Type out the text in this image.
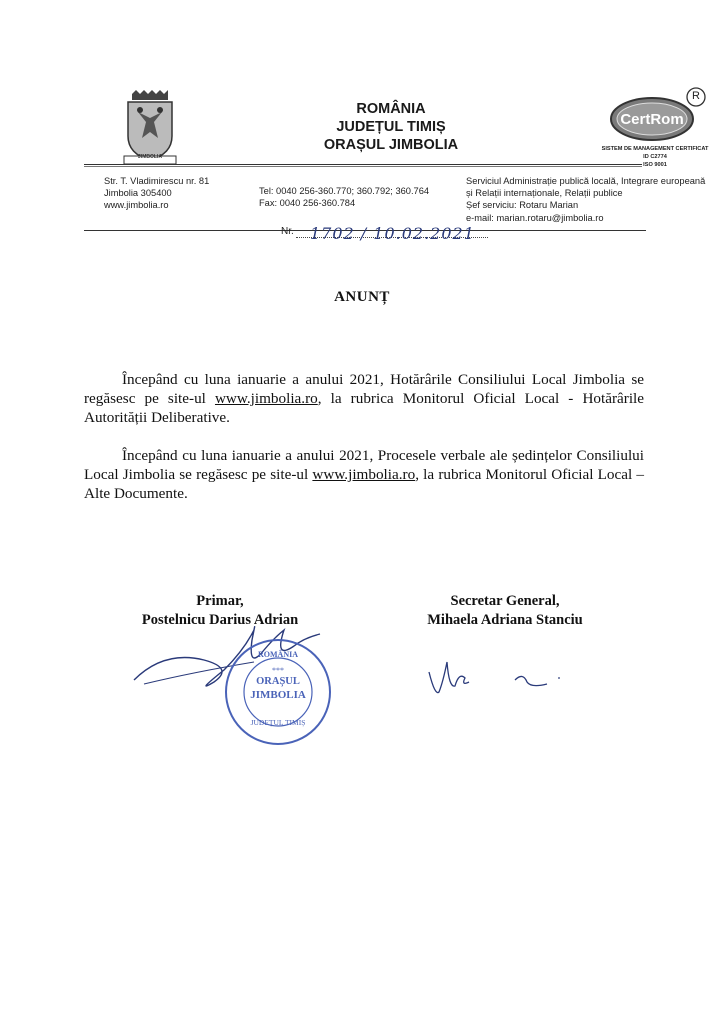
JIMBOLIA
ROMÂNIA
JUDEȚUL TIMIȘ
ORAȘUL JIMBOLIA
CertRom
R
SISTEM DE MANAGEMENT CERTIFICAT
ID C2774
ISO 9001
Str. T. Vladimirescu nr. 81
Jimbolia 305400
www.jimbolia.ro
Tel: 0040 256-360.770; 360.792; 360.764
Fax: 0040 256-360.784
Serviciul Administrație publică locală, Integrare europeană
și Relații internaționale, Relații publice
Șef serviciu: Rotaru Marian
e-mail: marian.rotaru@jimbolia.ro
Nr. 1702 / 10.02.2021
ANUNȚ

Începând cu luna ianuarie a anului 2021, Hotărârile Consiliului Local Jimbolia se regăsesc pe site-ul www.jimbolia.ro, la rubrica Monitorul Oficial Local - Hotărârile Autorității Deliberative.

Începând cu luna ianuarie a anului 2021, Procesele verbale ale ședințelor Consiliului Local Jimbolia se regăsesc pe site-ul www.jimbolia.ro, la rubrica Monitorul Oficial Local – Alte Documente.

Primar,
Postelnicu Darius Adrian
Secretar General,
Mihaela Adriana Stanciu
ROMÂNIA
***
ORAȘUL
JIMBOLIA
JUDEȚUL TIMIȘ
